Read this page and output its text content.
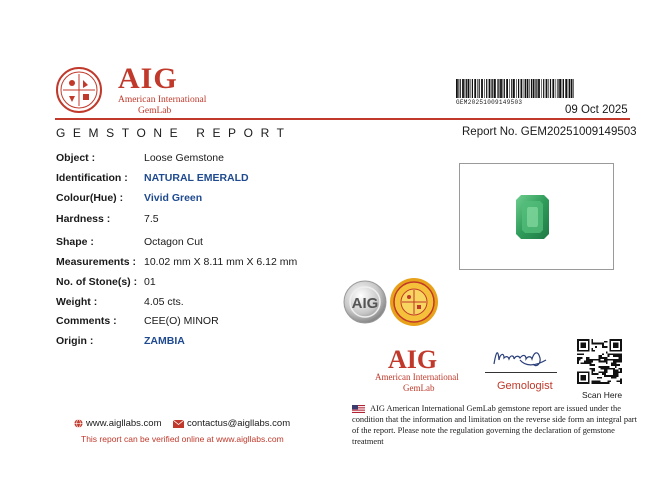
AIG
American International
GemLab
GEM20251009149503
09 Oct 2025
GEMSTONE REPORT	Report No. GEM20251009149503
Object :	Loose Gemstone
Identification : NATURAL EMERALD
Colour(Hue) : Vivid Green
Hardness :	7.5
Shape :	Octagon Cut
Measurements : 10.02 mm X 8.11 mm X 6.12 mm
No. of Stone(s) : 01
Weight :	4.05 cts.
Comments :	CEE(O) MINOR
Origin :	ZAMBIA
AIG
AIG
American International
GemLab	Gemologist
Scan Here
AIG American International GemLab gemstone report are issued under the condition that the information and limitation on the reverse side form an integral part of the report. Please note the regulation governing the declaration of gemstone treatment
www.aigllabs.com	contactus@aigllabs.com
This report can be verified online at www.aigllabs.com
